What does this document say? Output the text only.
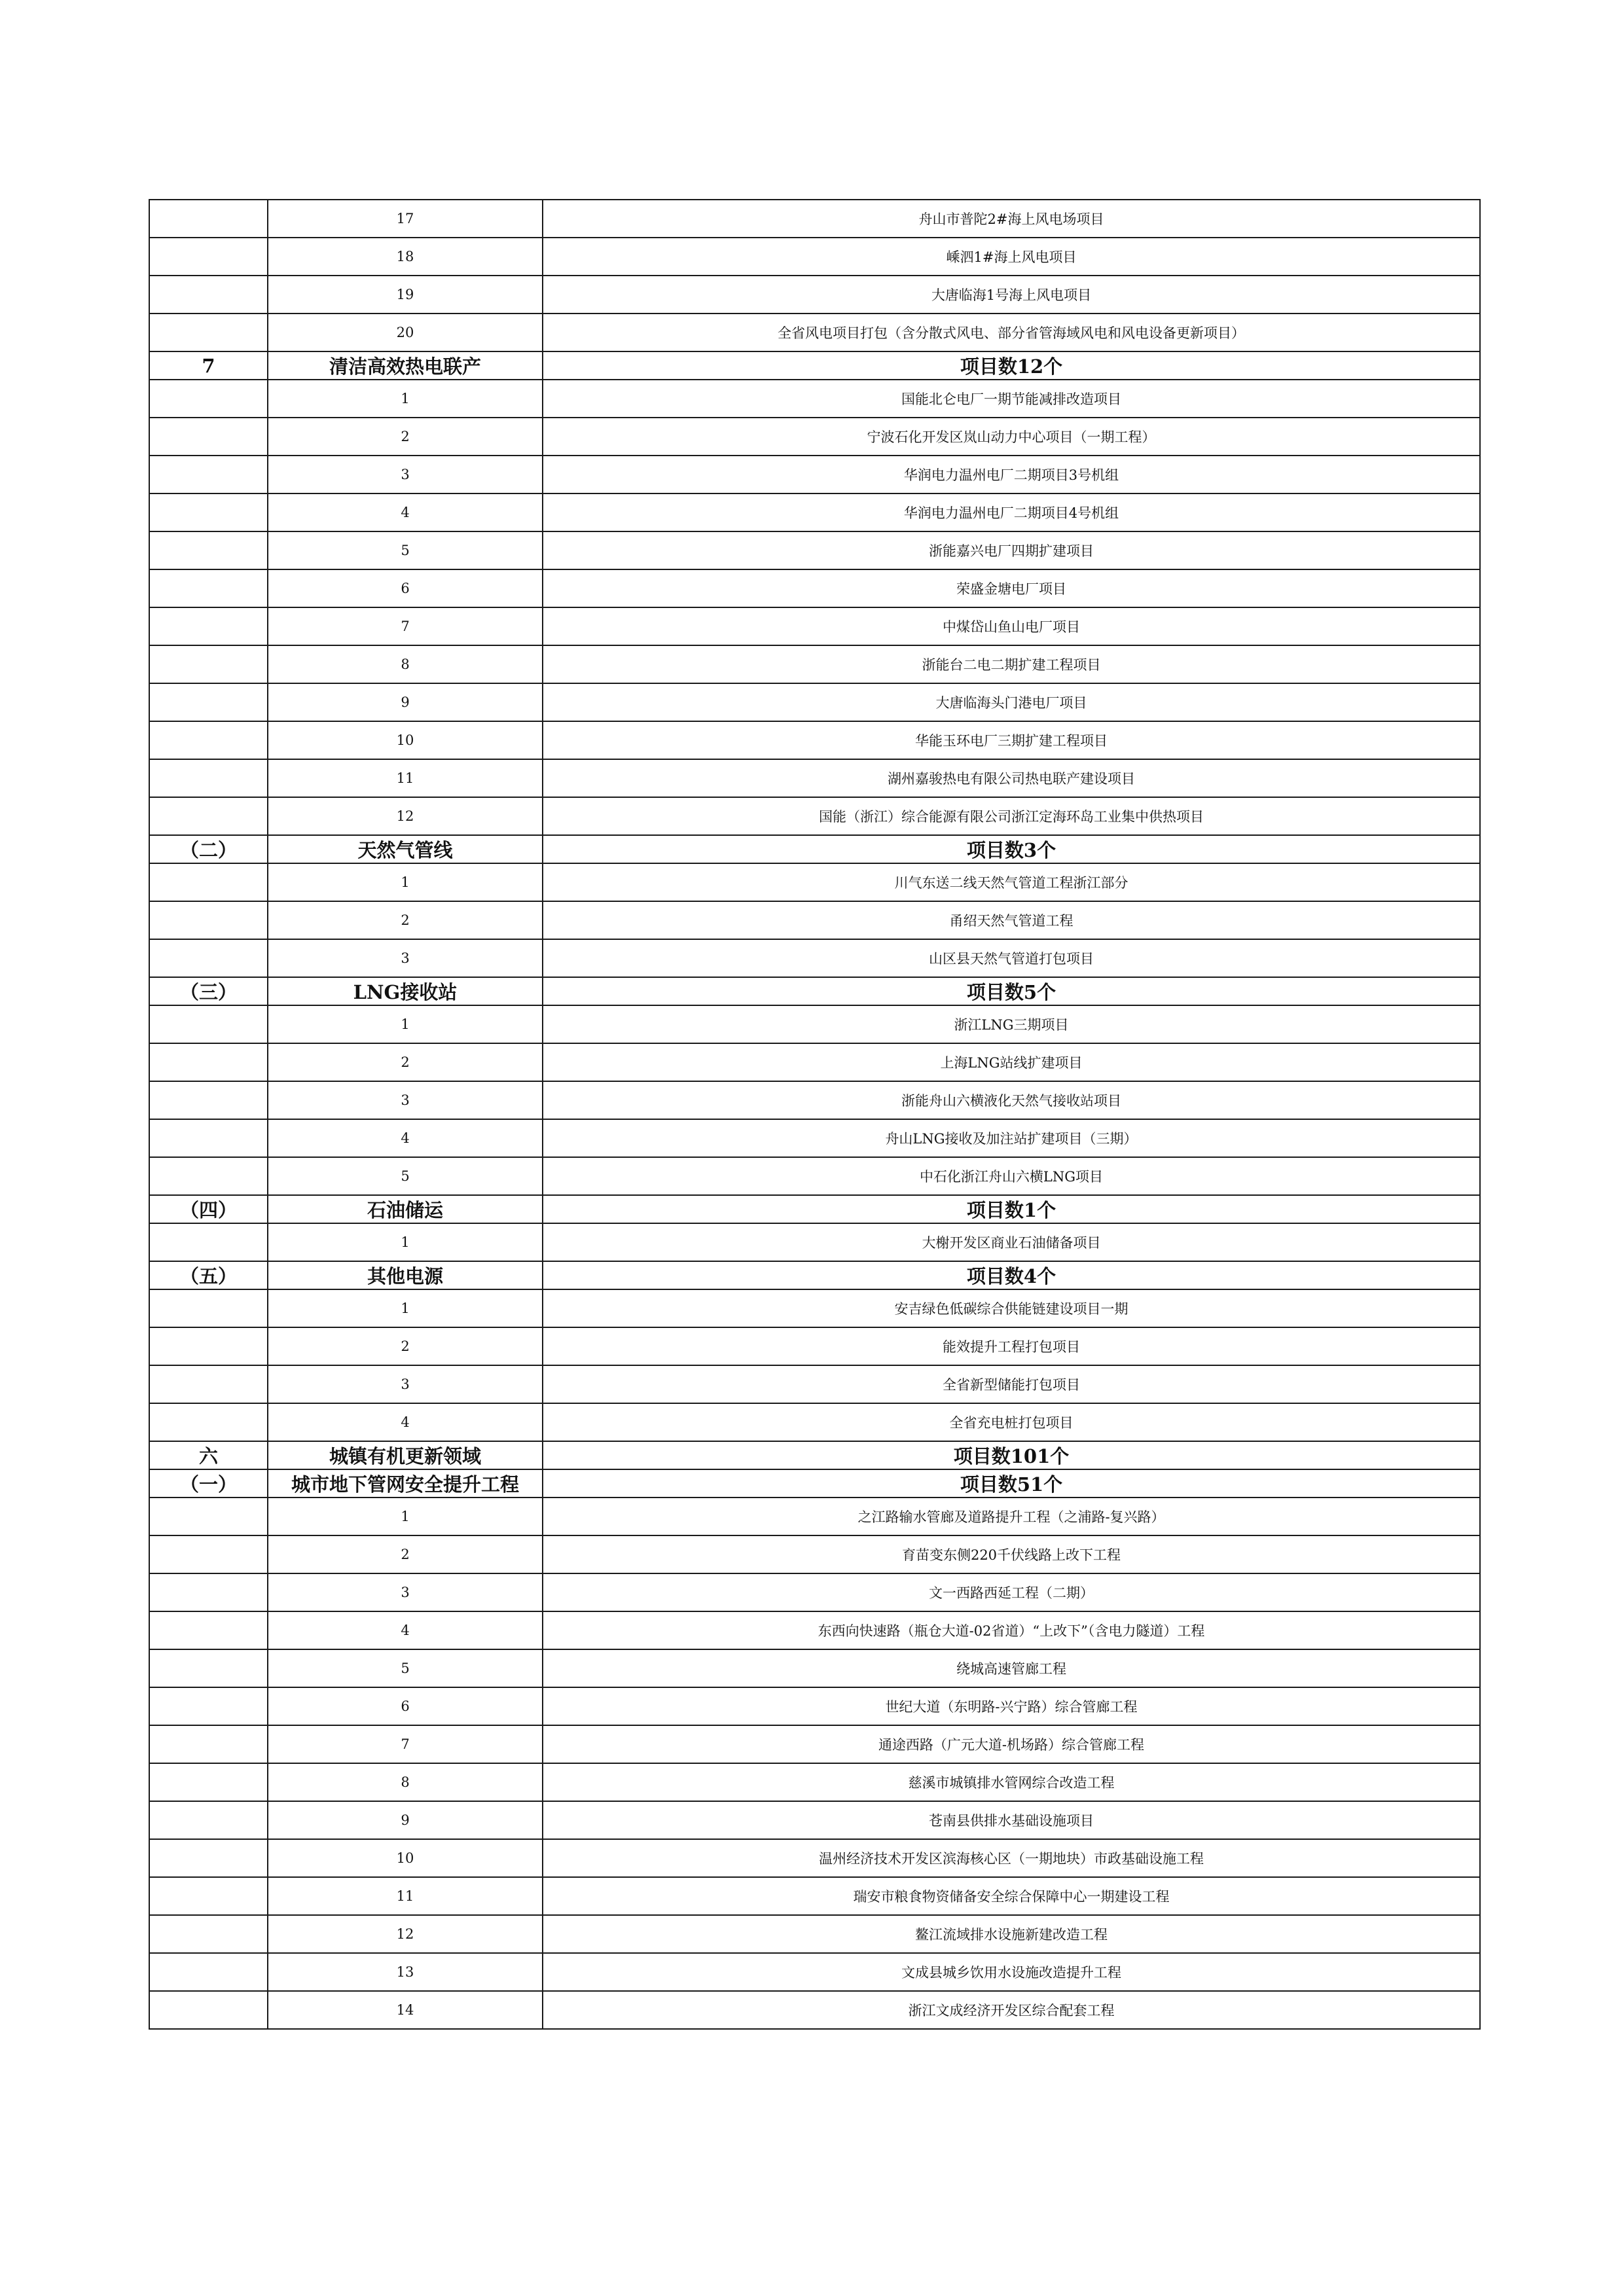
	17	舟山市普陀2#海上风电场项目
	18	嵊泗1#海上风电项目
	19	大唐临海1号海上风电项目
	20	全省风电项目打包（含分散式风电、部分省管海域风电和风电设备更新项目）
7	清洁高效热电联产	项目数12个
	1	国能北仑电厂一期节能减排改造项目
	2	宁波石化开发区岚山动力中心项目（一期工程）
	3	华润电力温州电厂二期项目3号机组
	4	华润电力温州电厂二期项目4号机组
	5	浙能嘉兴电厂四期扩建项目
	6	荣盛金塘电厂项目
	7	中煤岱山鱼山电厂项目
	8	浙能台二电二期扩建工程项目
	9	大唐临海头门港电厂项目
	10	华能玉环电厂三期扩建工程项目
	11	湖州嘉骏热电有限公司热电联产建设项目
	12	国能（浙江）综合能源有限公司浙江定海环岛工业集中供热项目
（二）	天然气管线	项目数3个
	1	川气东送二线天然气管道工程浙江部分
	2	甬绍天然气管道工程
	3	山区县天然气管道打包项目
（三）	LNG接收站	项目数5个
	1	浙江LNG三期项目
	2	上海LNG站线扩建项目
	3	浙能舟山六横液化天然气接收站项目
	4	舟山LNG接收及加注站扩建项目（三期）
	5	中石化浙江舟山六横LNG项目
（四）	石油储运	项目数1个
	1	大榭开发区商业石油储备项目
（五）	其他电源	项目数4个
	1	安吉绿色低碳综合供能链建设项目一期
	2	能效提升工程打包项目
	3	全省新型储能打包项目
	4	全省充电桩打包项目
六	城镇有机更新领域	项目数101个
（一）	城市地下管网安全提升工程	项目数51个
	1	之江路输水管廊及道路提升工程（之浦路-复兴路）
	2	育苗变东侧220千伏线路上改下工程
	3	文一西路西延工程（二期）
	4	东西向快速路（瓶仓大道-02省道）“上改下”（含电力隧道）工程
	5	绕城高速管廊工程
	6	世纪大道（东明路-兴宁路）综合管廊工程
	7	通途西路（广元大道-机场路）综合管廊工程
	8	慈溪市城镇排水管网综合改造工程
	9	苍南县供排水基础设施项目
	10	温州经济技术开发区滨海核心区（一期地块）市政基础设施工程
	11	瑞安市粮食物资储备安全综合保障中心一期建设工程
	12	鳌江流域排水设施新建改造工程
	13	文成县城乡饮用水设施改造提升工程
	14	浙江文成经济开发区综合配套工程
